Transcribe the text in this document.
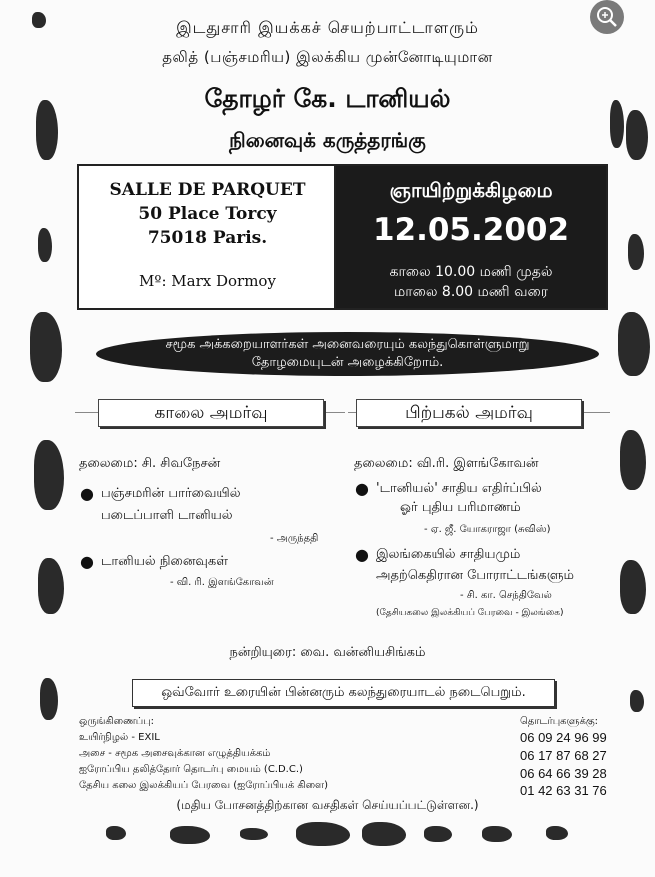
இடதுசாரி இயக்கச் செயற்பாட்டாளரும்
தலித் (பஞ்சமரிய) இலக்கிய முன்னோடியுமான
தோழர் கே. டானியல்
நினைவுக் கருத்தரங்கு
SALLE DE PARQUET
50 Place Torcy
75018 Paris.
Mº: Marx Dormoy
ஞாயிற்றுக்கிழமை
12.05.2002
காலை 10.00 மணி முதல்
மாலை 8.00 மணி வரை
சமூக அக்கறையாளர்கள் அனைவரையும் கலந்துகொள்ளுமாறு
தோழமையுடன் அழைக்கிறோம்.
காலை அமர்வு	பிற்பகல் அமர்வு
தலைமை: சி. சிவநேசன்
● பஞ்சமரின் பார்வையில்
படைப்பாளி டானியல்
- அருந்ததி
● டானியல் நினைவுகள்
- வி. ரி. இளங்கோவன்
தலைமை: வி.ரி. இளங்கோவன்
● 'டானியல்' சாதிய எதிர்ப்பில்
ஓர் புதிய பரிமாணம்
- ஏ. ஜீ. யோகராஜா (சுவிஸ்)
● இலங்கையில் சாதியமும்
அதற்கெதிரான போராட்டங்களும்
- சி. கா. செந்திவேல்
(தேசியகலை இலக்கியப் பேரவை - இலங்கை)
நன்றியுரை: வை. வன்னியசிங்கம்
ஒவ்வோர் உரையின் பின்னரும் கலந்துரையாடல் நடைபெறும்.
ஒருங்கிணைப்பு:
உயிர்நிழல் - EXIL
அசை - சமூக அசைவுக்கான எழுத்தியக்கம்
ஐரோப்பிய தலித்தோர் தொடர்பு மையம் (C.D.C.)
தேசிய கலை இலக்கியப் பேரவை (ஐரோப்பியக் கிளை)
தொடர்புகளுக்கு:
06 09 24 96 99
06 17 87 68 27
06 64 66 39 28
01 42 63 31 76
(மதிய போசனத்திற்கான வசதிகள் செய்யப்பட்டுள்ளன.)
